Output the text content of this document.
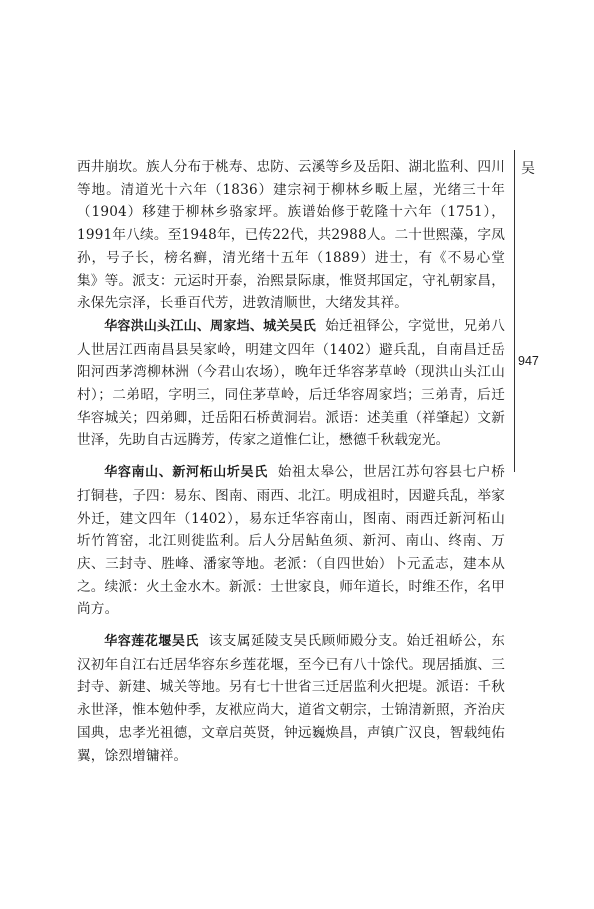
吴
947

西井崩坎。族人分布于桃寿、忠防、云溪等乡及岳阳、湖北监利、四川等地。清道光十六年（1836）建宗祠于柳林乡畈上屋，光绪三十年（1904）移建于柳林乡骆家坪。族谱始修于乾隆十六年（1751），1991年八续。至1948年，已传22代，共2988人。二十世熙藻，字凤孙，号子长，榜名癣，清光绪十五年（1889）进士，有《不易心堂集》等。派支：元运时开泰，治熙景际康，惟贤邦国定，守礼朝家昌，永保先宗泽，长垂百代芳，进敦清顺世，大绪发其祥。

华容洪山头江山、周家垱、城关吴氏 始迁祖铎公，字觉世，兄弟八人世居江西南昌县吴家岭，明建文四年（1402）避兵乱，自南昌迁岳阳河西茅湾柳林洲（今君山农场），晚年迁华容茅草岭（现洪山头江山村）；二弟昭，字明三，同住茅草岭，后迁华容周家垱；三弟青，后迁华容城关；四弟卿，迁岳阳石桥黄洞岩。派语：述美重（祥肇起）文新世泽，先助自古远腾芳，传家之道惟仁让，懋德千秋载宠光。

华容南山、新河柘山圻吴氏 始祖太皋公，世居江苏句容县七户桥打铜巷，子四：易东、图南、雨西、北江。明成祖时，因避兵乱，举家外迁，建文四年（1402），易东迁华容南山，图南、雨西迁新河柘山圻竹筲窑，北江则徙监利。后人分居鲇鱼须、新河、南山、终南、万庆、三封寺、胜峰、潘家等地。老派：（自四世始）卜元孟志，建本从之。续派：火土金水木。新派：士世家良，师年道长，时维丕作，名甲尚方。

华容莲花堰吴氏 该支属延陵支吴氏顾师殿分支。始迁祖峤公，东汉初年自江右迁居华容东乡莲花堰，至今已有八十馀代。现居插旗、三封寺、新建、城关等地。另有七十世省三迁居监利火把堤。派语：千秋永世泽，惟本勉仲季，友袱应尚大，道省文朝宗，士锦清新照，齐治庆国典，忠孝光祖德，文章启英贤，钟远巍焕昌，声镇广汉良，智载纯佑翼，馀烈增镛祥。
